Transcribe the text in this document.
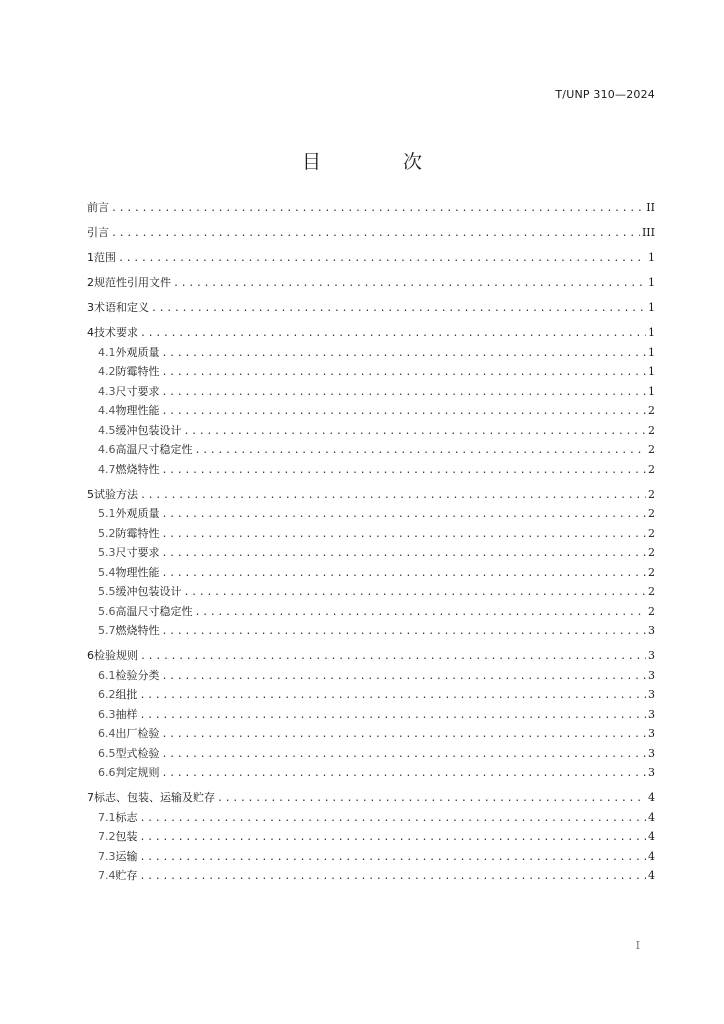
T/UNP 310—2024
目 次
前言 .....	II
引言 .....	III
1 范围 .....	1
2 规范性引用文件 .....	1
3 术语和定义 .....	1
4 技术要求 .....	1
4.1 外观质量 .....	1
4.2 防霉特性 .....	1
4.3 尺寸要求 .....	1
4.4 物理性能 .....	2
4.5 缓冲包装设计 .....	2
4.6 高温尺寸稳定性 .....	2
4.7 燃烧特性 .....	2
5 试验方法 .....	2
5.1 外观质量 .....	2
5.2 防霉特性 .....	2
5.3 尺寸要求 .....	2
5.4 物理性能 .....	2
5.5 缓冲包装设计 .....	2
5.6 高温尺寸稳定性 .....	2
5.7 燃烧特性 .....	3
6 检验规则 .....	3
6.1 检验分类 .....	3
6.2 组批 .....	3
6.3 抽样 .....	3
6.4 出厂检验 .....	3
6.5 型式检验 .....	3
6.6 判定规则 .....	3
7 标志、包装、运输及贮存 .....	4
7.1 标志 .....	4
7.2 包装 .....	4
7.3 运输 .....	4
7.4 贮存 .....	4
I
